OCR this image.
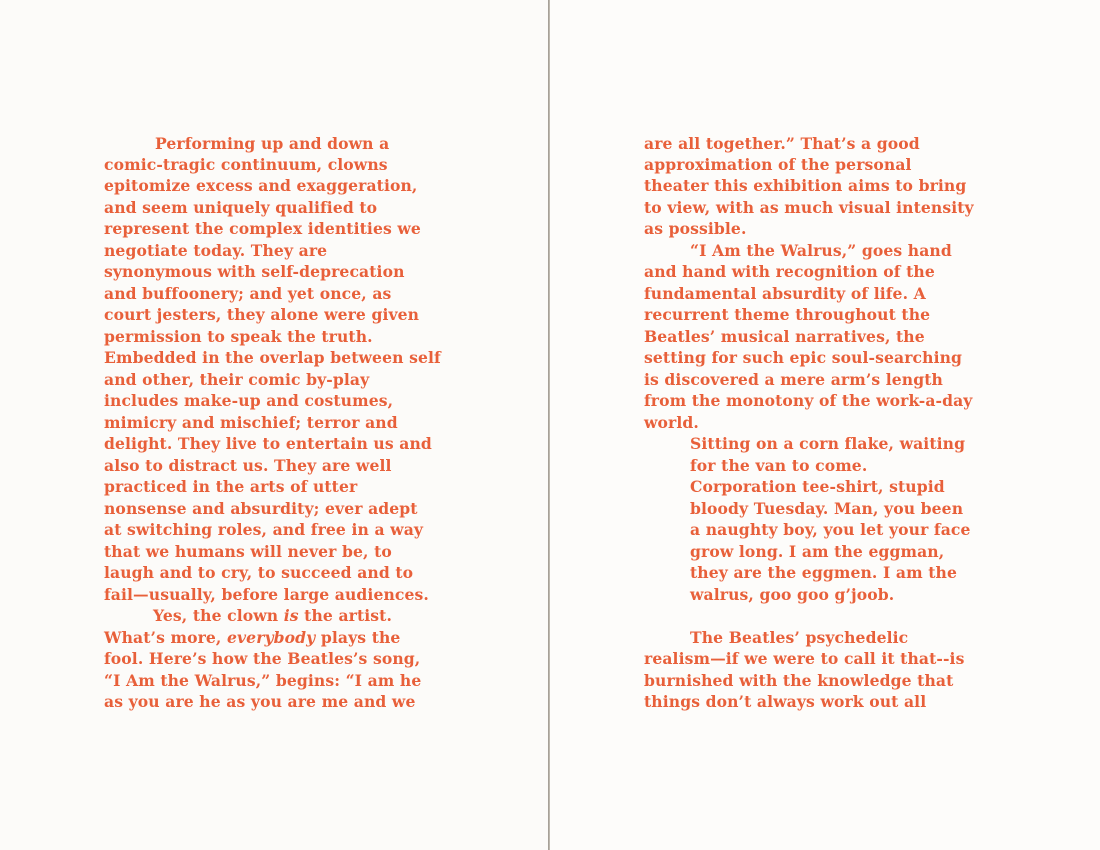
Performing up and down a
comic-tragic continuum, clowns
epitomize excess and exaggeration,
and seem uniquely qualified to
represent the complex identities we
negotiate today. They are
synonymous with self-deprecation
and buffoonery; and yet once, as
court jesters, they alone were given
permission to speak the truth.
Embedded in the overlap between self
and other, their comic by-play
includes make-up and costumes,
mimicry and mischief; terror and
delight. They live to entertain us and
also to distract us. They are well
practiced in the arts of utter
nonsense and absurdity; ever adept
at switching roles, and free in a way
that we humans will never be, to
laugh and to cry, to succeed and to
fail—usually, before large audiences.
Yes, the clown is the artist.
What’s more, everybody plays the
fool. Here’s how the Beatles’s song,
“I Am the Walrus,” begins: “I am he
as you are he as you are me and we
are all together.” That’s a good
approximation of the personal
theater this exhibition aims to bring
to view, with as much visual intensity
as possible.
“I Am the Walrus,” goes hand
and hand with recognition of the
fundamental absurdity of life. A
recurrent theme throughout the
Beatles’ musical narratives, the
setting for such epic soul-searching
is discovered a mere arm’s length
from the monotony of the work-a-day
world.
Sitting on a corn flake, waiting
for the van to come.
Corporation tee-shirt, stupid
bloody Tuesday. Man, you been
a naughty boy, you let your face
grow long. I am the eggman,
they are the eggmen. I am the
walrus, goo goo g’joob.
The Beatles’ psychedelic
realism—if we were to call it that--is
burnished with the knowledge that
things don’t always work out all
